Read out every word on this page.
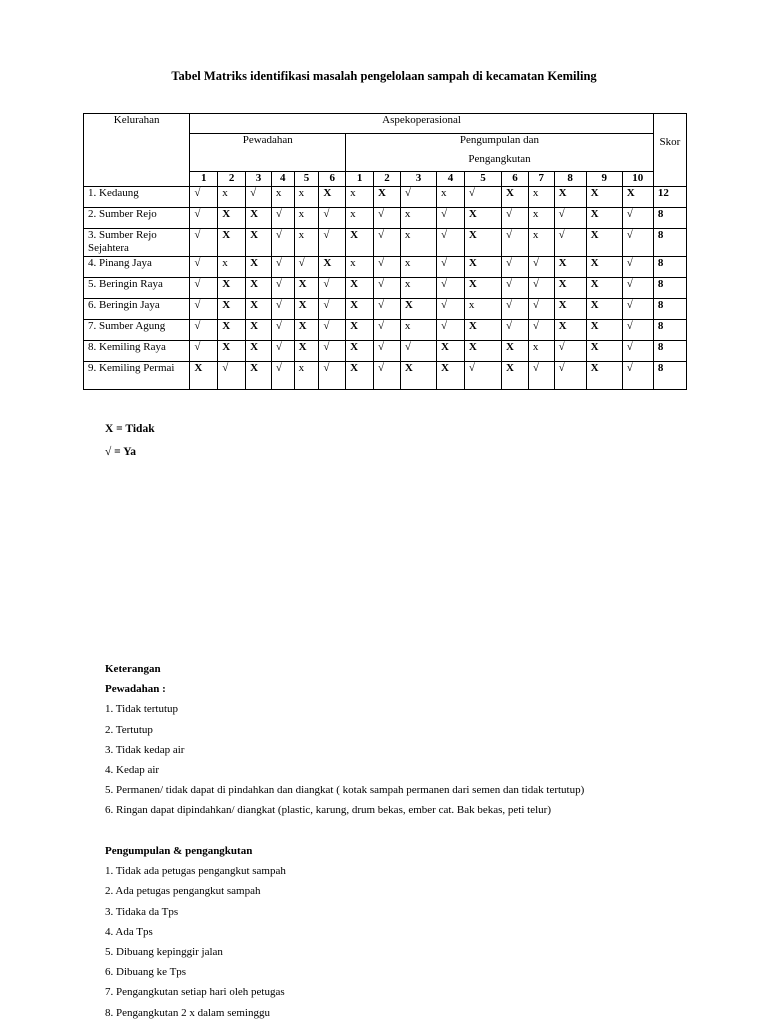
Tabel Matriks identifikasi masalah pengelolaan sampah di kecamatan Kemiling
Kelurahan	Aspekoperasional																Skor
	Pewadahan						Pengumpulan dan										
							Pengangkutan										
	1	2	3	4	5	6	1	2	3	4	5	6	7	8	9	10	
1. Kedaung	√	x	√	x	x	X	x	X	√	x	√	X	x	X	X	X	12
2. Sumber Rejo	√	X	X	√	x	√	x	√	x	√	X	√	x	√	X	√	8
3. Sumber Rejo Sejahtera	√	X	X	√	x	√	X	√	x	√	X	√	x	√	X	√	8
4. Pinang Jaya	√	x	X	√	√	X	x	√	x	√	X	√	√	X	X	√	8
5. Beringin Raya	√	X	X	√	X	√	X	√	x	√	X	√	√	X	X	√	8
6. Beringin Jaya	√	X	X	√	X	√	X	√	X	√	x	√	√	X	X	√	8
7. Sumber Agung	√	X	X	√	X	√	X	√	x	√	X	√	√	X	X	√	8
8. Kemiling Raya	√	X	X	√	X	√	X	√	√	X	X	X	x	√	X	√	8
9. Kemiling Permai	X	√	X	√	x	√	X	√	X	X	√	X	√	√	X	√	8
X = Tidak
√ = Ya
Keterangan
Pewadahan :
1. Tidak tertutup
2. Tertutup
3. Tidak kedap air
4. Kedap air
5. Permanen/ tidak dapat di pindahkan dan diangkat ( kotak sampah permanen dari semen dan tidak tertutup)
6. Ringan dapat dipindahkan/ diangkat (plastic, karung, drum bekas, ember cat. Bak bekas, peti telur)
Pengumpulan & pengangkutan
1. Tidak ada petugas pengangkut sampah
2. Ada petugas pengangkut sampah
3. Tidaka da Tps
4. Ada Tps
5. Dibuang kepinggir jalan
6. Dibuang ke Tps
7. Pengangkutan setiap hari oleh petugas
8. Pengangkutan 2 x dalam seminggu
